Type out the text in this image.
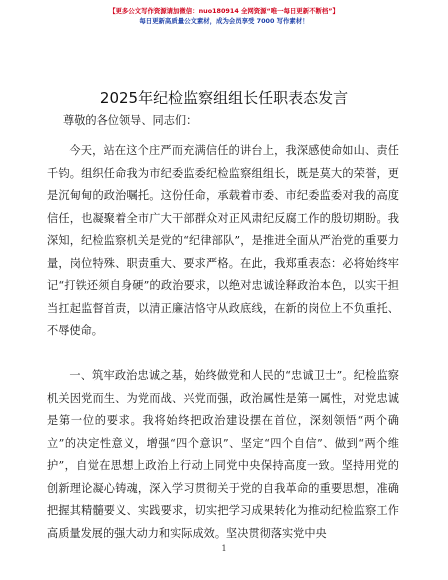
【更多公文写作资源请加微信：nuo180914 全网资源“唯一每日更新不断档”】
每日更新高质量公文素材，成为会员享受 7000 写作素材！
2025年纪检监察组组长任职表态发言
尊敬的各位领导、同志们：

今天，站在这个庄严而充满信任的讲台上，我深感使命如山、责任千钧。组织任命我为市纪委监委纪检监察组组长，既是莫大的荣誉，更是沉甸甸的政治嘱托。这份任命，承载着市委、市纪委监委对我的高度信任，也凝聚着全市广大干部群众对正风肃纪反腐工作的殷切期盼。我深知，纪检监察机关是党的“纪律部队”，是推进全面从严治党的重要力量，岗位特殊、职责重大、要求严格。在此，我郑重表态：必将始终牢记“打铁还须自身硬”的政治要求，以绝对忠诚诠释政治本色，以实干担当扛起监督首责，以清正廉洁恪守从政底线，在新的岗位上不负重托、不辱使命。

一、筑牢政治忠诚之基，始终做党和人民的“忠诚卫士”。纪检监察机关因党而生、为党而战、兴党而强，政治属性是第一属性，对党忠诚是第一位的要求。我将始终把政治建设摆在首位，深刻领悟“两个确立”的决定性意义，增强“四个意识”、坚定“四个自信”、做到“两个维护”，自觉在思想上政治上行动上同党中央保持高度一致。坚持用党的创新理论凝心铸魂，深入学习贯彻关于党的自我革命的重要思想，准确把握其精髓要义、实践要求，切实把学习成果转化为推动纪检监察工作高质量发展的强大动力和实际成效。坚决贯彻落实党中央

1
